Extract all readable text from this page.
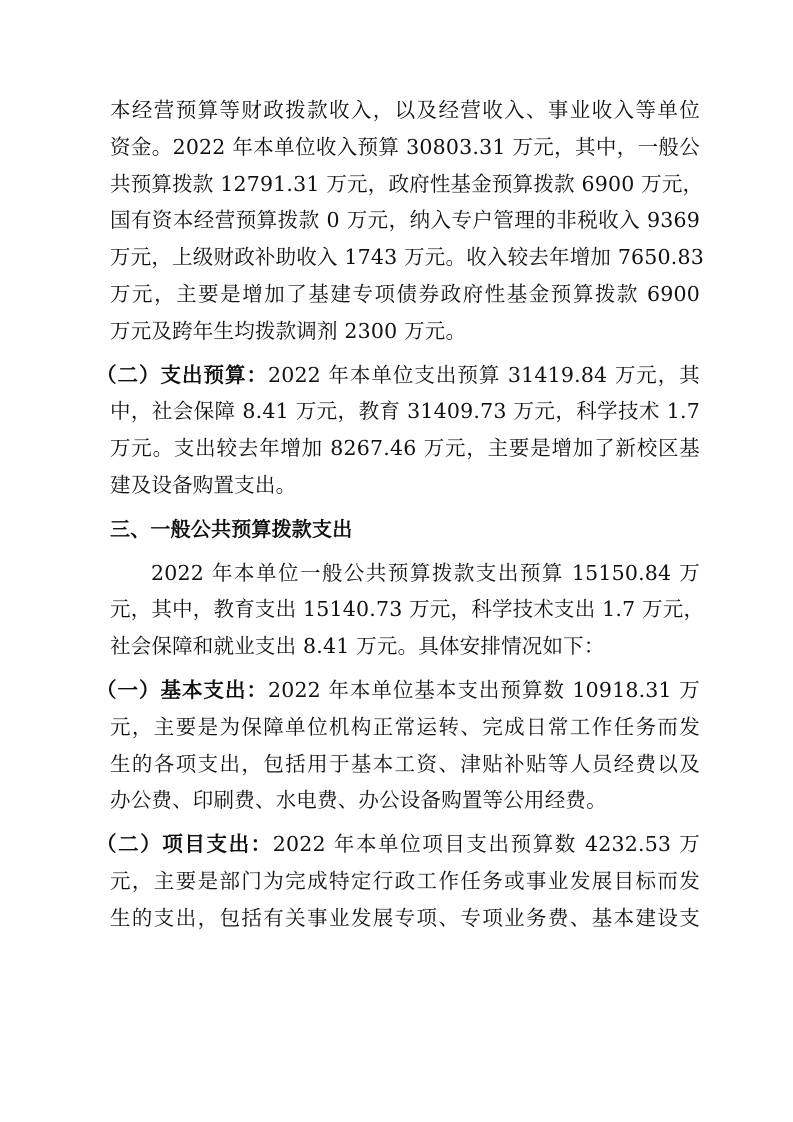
本经营预算等财政拨款收入，以及经营收入、事业收入等单位
资金。2022 年本单位收入预算 30803.31 万元，其中，一般公
共预算拨款 12791.31 万元，政府性基金预算拨款 6900 万元，
国有资本经营预算拨款 0 万元，纳入专户管理的非税收入 9369
万元，上级财政补助收入 1743 万元。收入较去年增加 7650.83
万元，主要是增加了基建专项债券政府性基金预算拨款 6900
万元及跨年生均拨款调剂 2300 万元。
（二）支出预算：2022 年本单位支出预算 31419.84 万元，其
中，社会保障 8.41 万元，教育 31409.73 万元，科学技术 1.7
万元。支出较去年增加 8267.46 万元，主要是增加了新校区基
建及设备购置支出。
三、一般公共预算拨款支出
2022 年本单位一般公共预算拨款支出预算 15150.84 万
元，其中，教育支出 15140.73 万元，科学技术支出 1.7 万元，
社会保障和就业支出 8.41 万元。具体安排情况如下：
（一）基本支出：2022 年本单位基本支出预算数 10918.31 万
元，主要是为保障单位机构正常运转、完成日常工作任务而发
生的各项支出，包括用于基本工资、津贴补贴等人员经费以及
办公费、印刷费、水电费、办公设备购置等公用经费。
（二）项目支出：2022 年本单位项目支出预算数 4232.53 万
元，主要是部门为完成特定行政工作任务或事业发展目标而发
生的支出，包括有关事业发展专项、专项业务费、基本建设支
